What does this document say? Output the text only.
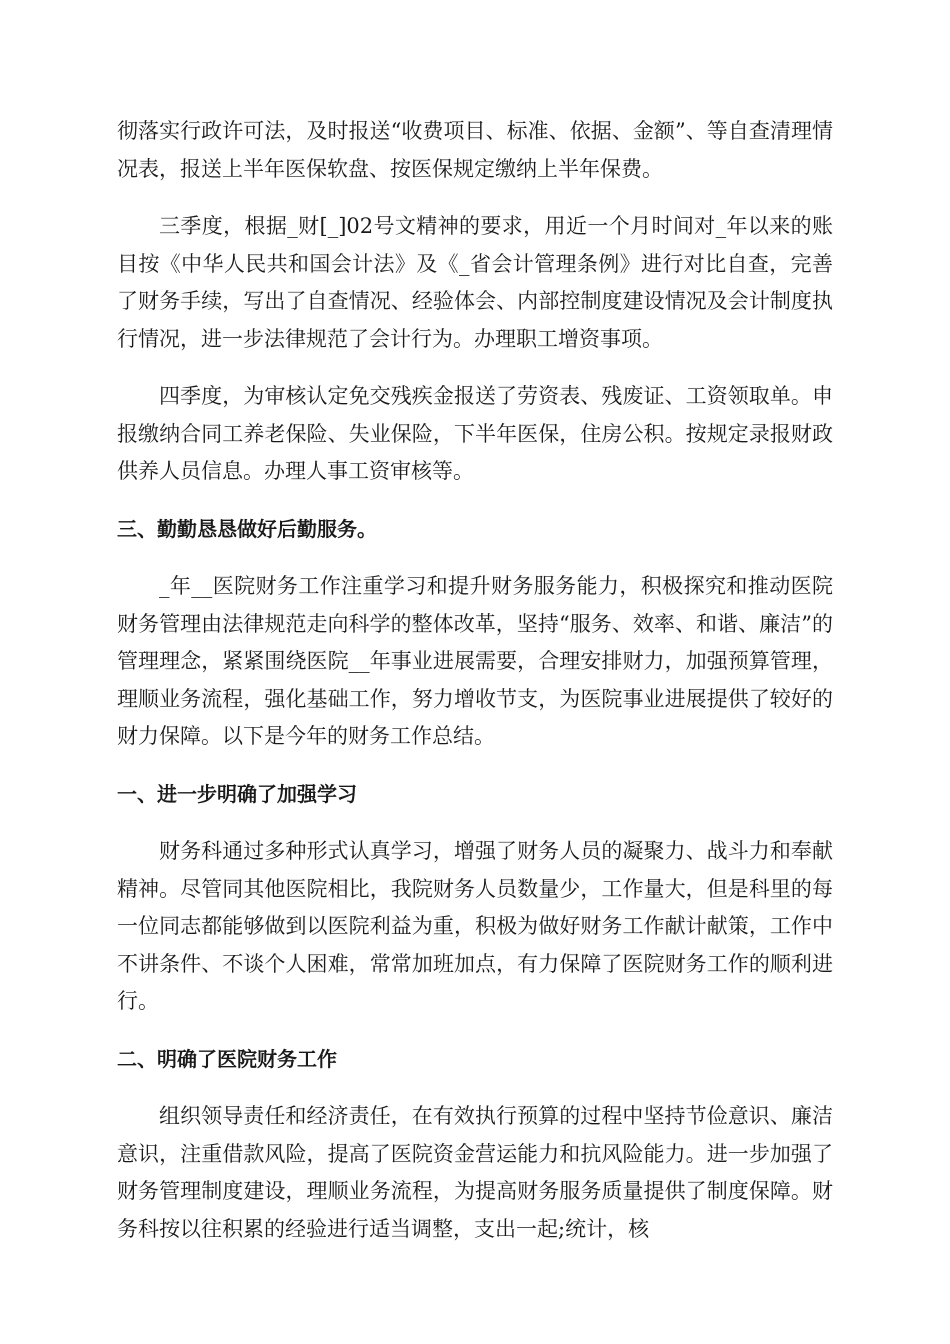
彻落实行政许可法，及时报送“收费项目、标准、依据、金额”、等自查清理情况表，报送上半年医保软盘、按医保规定缴纳上半年保费。

三季度，根据_财[_]02号文精神的要求，用近一个月时间对_年以来的账目按《中华人民共和国会计法》及《_省会计管理条例》进行对比自查，完善了财务手续，写出了自查情况、经验体会、内部控制度建设情况及会计制度执行情况，进一步法律规范了会计行为。办理职工增资事项。

四季度，为审核认定免交残疾金报送了劳资表、残废证、工资领取单。申报缴纳合同工养老保险、失业保险，下半年医保，住房公积。按规定录报财政供养人员信息。办理人事工资审核等。

三、勤勤恳恳做好后勤服务。

_年__医院财务工作注重学习和提升财务服务能力，积极探究和推动医院财务管理由法律规范走向科学的整体改革，坚持“服务、效率、和谐、廉洁”的管理理念，紧紧围绕医院__年事业进展需要，合理安排财力，加强预算管理，理顺业务流程，强化基础工作，努力增收节支，为医院事业进展提供了较好的财力保障。以下是今年的财务工作总结。

一、进一步明确了加强学习

财务科通过多种形式认真学习，增强了财务人员的凝聚力、战斗力和奉献精神。尽管同其他医院相比，我院财务人员数量少，工作量大，但是科里的每一位同志都能够做到以医院利益为重，积极为做好财务工作献计献策，工作中不讲条件、不谈个人困难，常常加班加点，有力保障了医院财务工作的顺利进行。

二、明确了医院财务工作

组织领导责任和经济责任，在有效执行预算的过程中坚持节俭意识、廉洁意识，注重借款风险，提高了医院资金营运能力和抗风险能力。进一步加强了财务管理制度建设，理顺业务流程，为提高财务服务质量提供了制度保障。财务科按以往积累的经验进行适当调整，支出一起;统计，核
